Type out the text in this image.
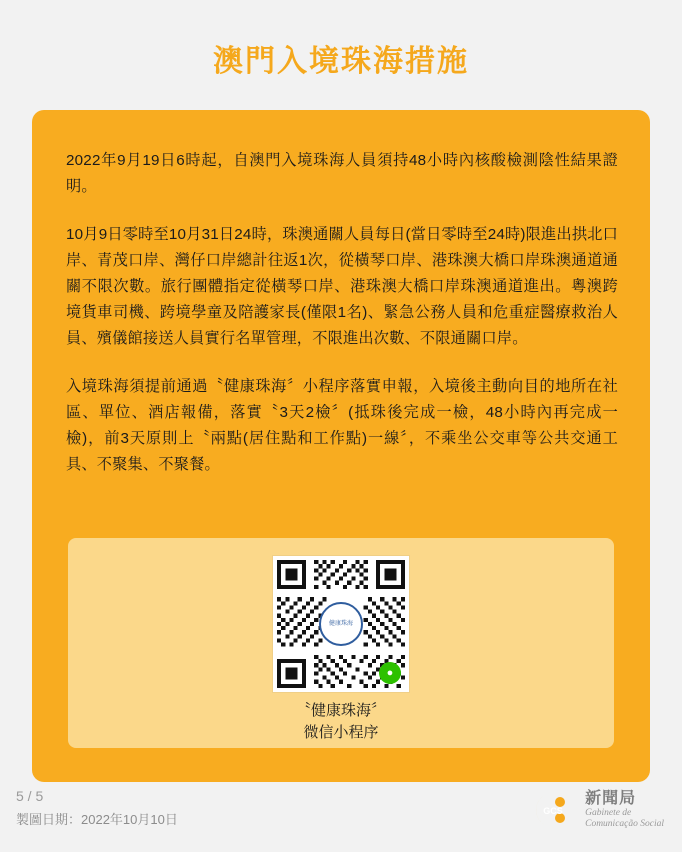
澳門入境珠海措施

2022年9月19日6時起，自澳門入境珠海人員須持48小時內核酸檢測陰性結果證明。

10月9日零時至10月31日24時，珠澳通關人員每日(當日零時至24時)限進出拱北口岸、青茂口岸、灣仔口岸總計往返1次，從橫琴口岸、港珠澳大橋口岸珠澳通道通關不限次數。旅行團體指定從橫琴口岸、港珠澳大橋口岸珠澳通道進出。粵澳跨境貨車司機、跨境學童及陪護家長(僅限1名)、緊急公務人員和危重症醫療救治人員、殯儀館接送人員實行名單管理，不限進出次數、不限通關口岸。

入境珠海須提前通過〝健康珠海〞小程序落實申報，入境後主動向目的地所在社區、單位、酒店報備，落實〝3天2檢〞(抵珠後完成一檢，48小時內再完成一檢)，前3天原則上〝兩點(居住點和工作點)一線〞，不乘坐公交車等公共交通工具、不聚集、不聚餐。

健康珠海
●
〝健康珠海〞
微信小程序
5 / 5
製圖日期：2022年10月10日
GCS
新聞局
Gabinete de
Comunicação Social
